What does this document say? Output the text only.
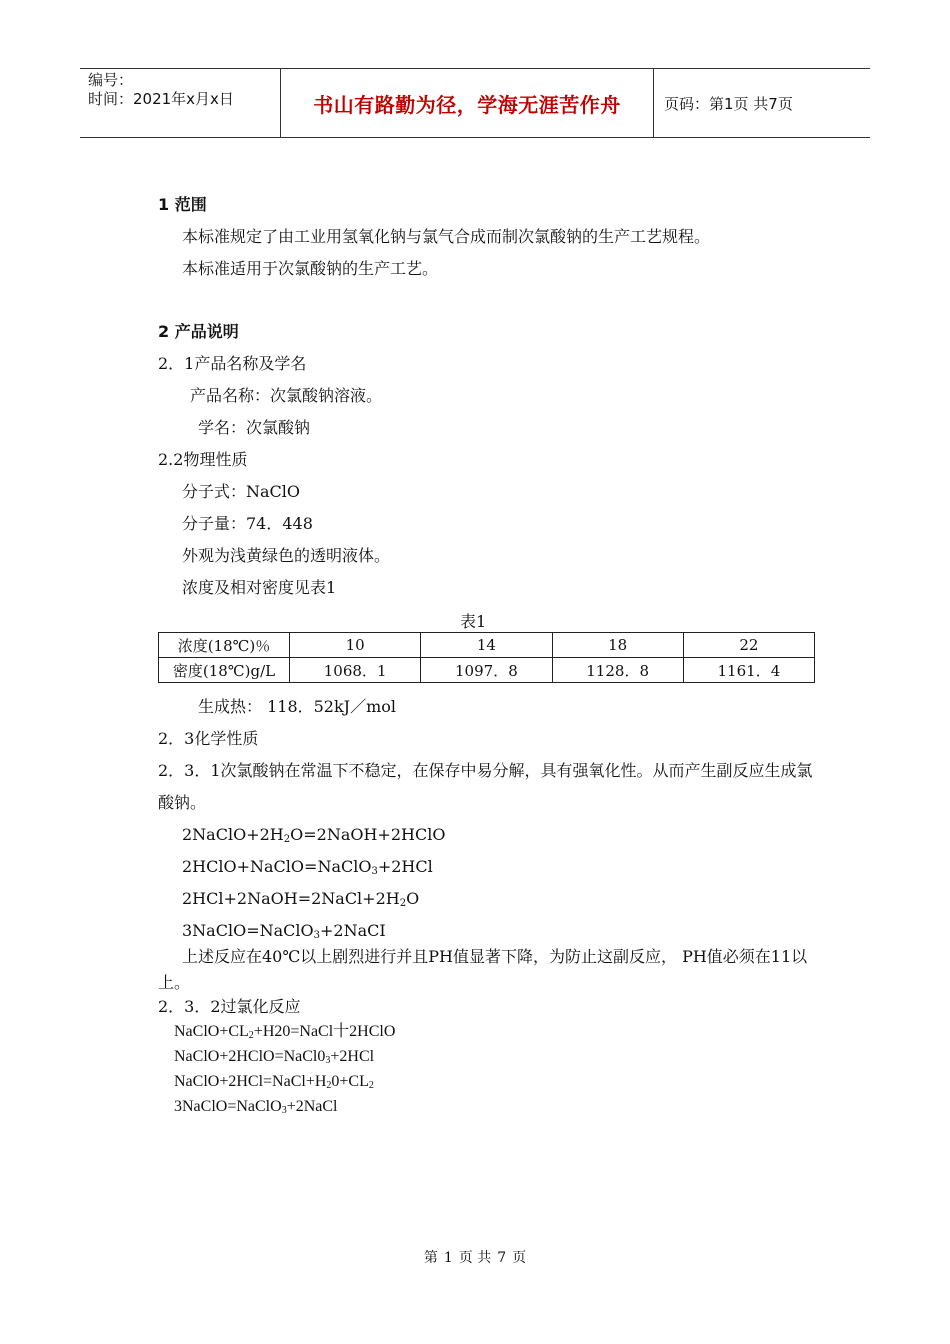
编号：
时间：2021年x月x日	书山有路勤为径，学海无涯苦作舟	页码：第1页 共7页
1 范围
本标准规定了由工业用氢氧化钠与氯气合成而制次氯酸钠的生产工艺规程。
本标准适用于次氯酸钠的生产工艺。
2 产品说明
2．1产品名称及学名
产品名称：次氯酸钠溶液。
学名：次氯酸钠
2.2物理性质
分子式：NaClO
分子量：74．448
外观为浅黄绿色的透明液体。
浓度及相对密度见表1
表1
浓度(18℃)％	10	14	18	22
密度(18℃)g/L	1068．1	1097．8	1128．8	1161．4
生成热： 118．52kJ／mol
2．3化学性质
2．3．1次氯酸钠在常温下不稳定，在保存中易分解，具有强氧化性。从而产生副反应生成氯
酸钠。
$2NaClO+2H_2O=2NaOH+2HClO$
2HClO+NaClO=NaClO$_3$+2HCl
$2HCl+2NaOH=2NaCl+2H_2O$
3NaClO=NaClO$_3$+2NaCI
上述反应在40℃以上剧烈进行并且PH值显著下降，为防止这副反应， PH值必须在11以
上。
2．3．2过氯化反应
$NaClO+CL_2+H20=NaCl$十2HClO
$NaClO+2HClO=NaCl0_3+2HCl$
$NaClO+2HCl=NaCl+H_20+CL_2$
3NaClO=NaClO$_3$+2NaCl
第 1 页 共 7 页
